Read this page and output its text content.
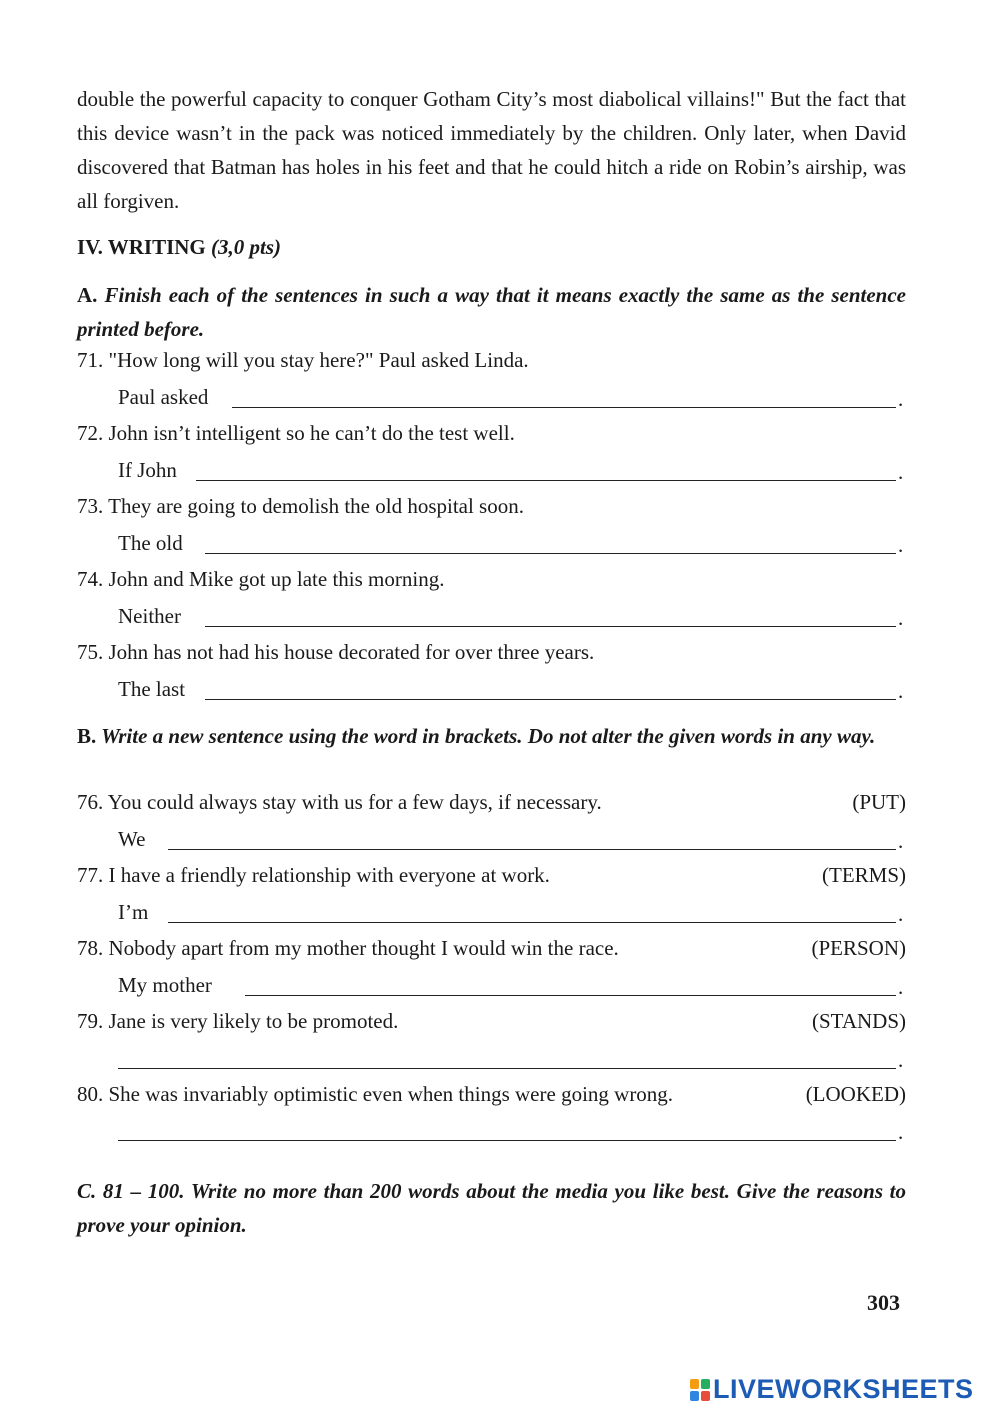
double the powerful capacity to conquer Gotham City’s most diabolical villains!" But the fact that this device wasn’t in the pack was noticed immediately by the children. Only later, when David discovered that Batman has holes in his feet and that he could hitch a ride on Robin’s airship, was all forgiven.
IV. WRITING (3,0 pts)
A. Finish each of the sentences in such a way that it means exactly the same as the sentence printed before.
71. "How long will you stay here?" Paul asked Linda.
Paul asked	.
72. John isn’t intelligent so he can’t do the test well.
If John	.
73. They are going to demolish the old hospital soon.
The old	.
74. John and Mike got up late this morning.
Neither	.
75. John has not had his house decorated for over three years.
The last	.
B. Write a new sentence using the word in brackets. Do not alter the given words in any way.
76. You could always stay with us for a few days, if necessary.	(PUT)
We	.
77. I have a friendly relationship with everyone at work.	(TERMS)
I’m	.
78. Nobody apart from my mother thought I would win the race.	(PERSON)
My mother	.
79. Jane is very likely to be promoted.	(STANDS)
.
80. She was invariably optimistic even when things were going wrong.	(LOOKED)
.
C. 81 – 100. Write no more than 200 words about the media you like best. Give the reasons to prove your opinion.
303
LIVEWORKSHEETS
